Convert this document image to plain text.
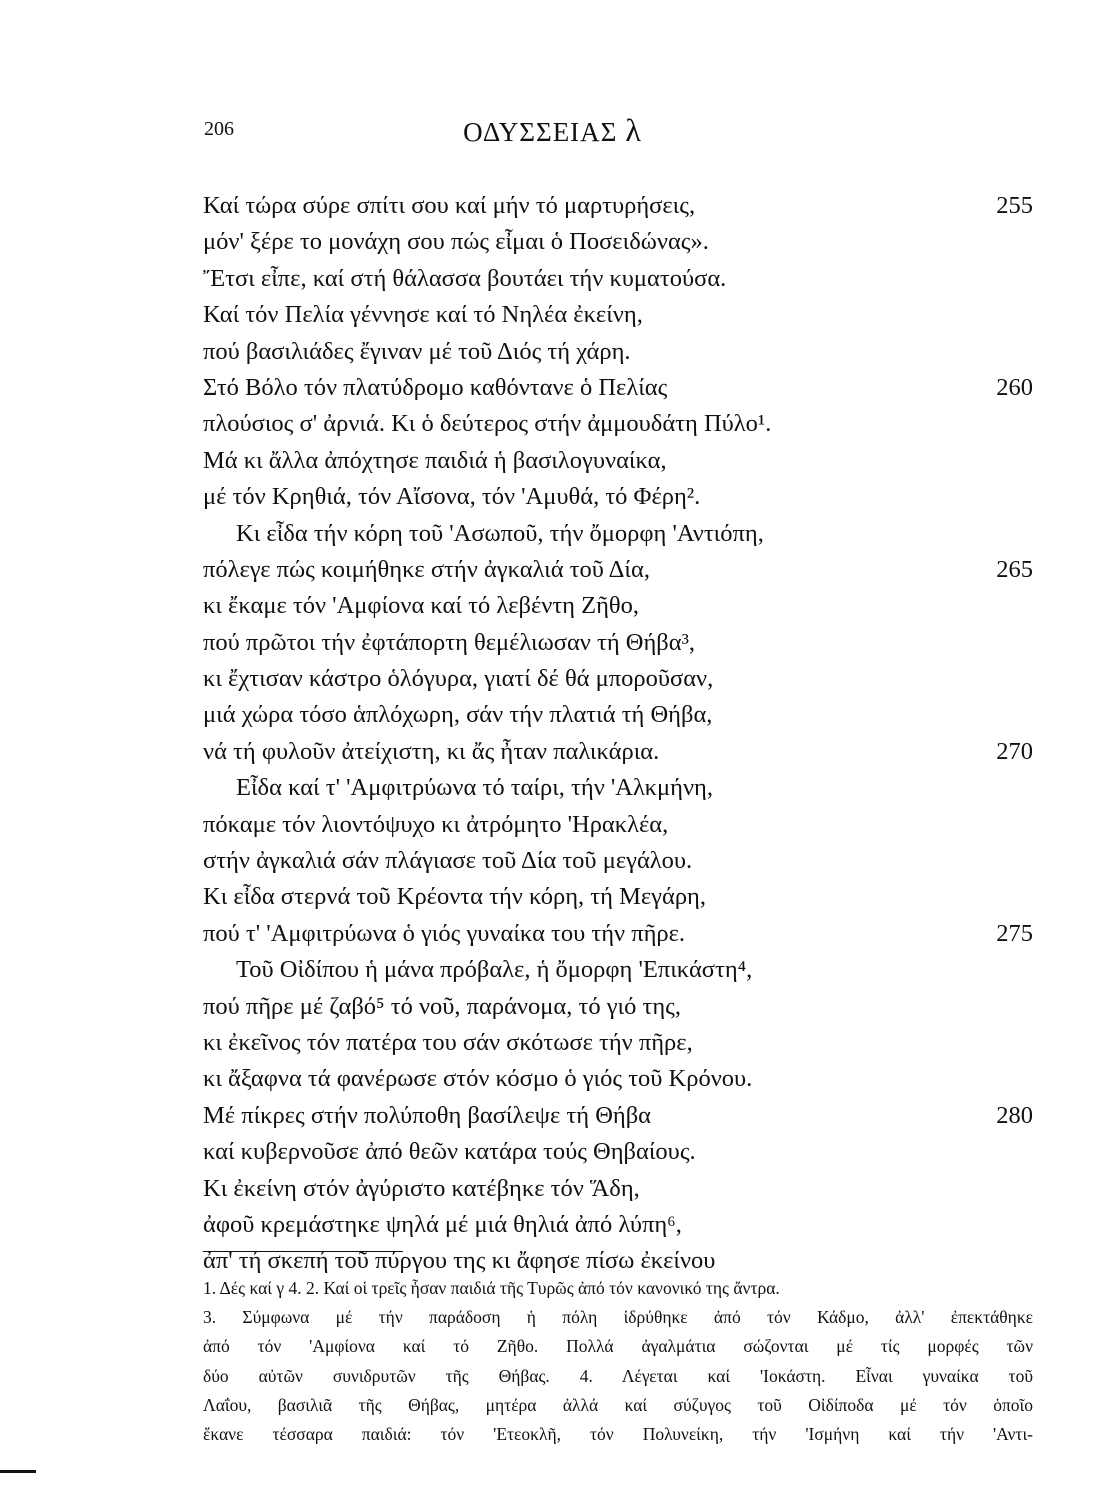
206	ΟΔΥΣΣΕΙΑΣ λ
Καί τώρα σύρε σπίτι σου καί μήν τό μαρτυρήσεις,	255
μόν' ξέρε το μονάχη σου πώς εἶμαι ὁ Ποσειδώνας».
Ἔτσι εἶπε, καί στή θάλασσα βουτάει τήν κυματούσα.
Καί τόν Πελία γέννησε καί τό Νηλέα ἐκείνη,
πού βασιλιάδες ἔγιναν μέ τοῦ Διός τή χάρη.
Στό Βόλο τόν πλατύδρομο καθόντανε ὁ Πελίας	260
πλούσιος σ' ἀρνιά. Κι ὁ δεύτερος στήν ἀμμουδάτη Πύλο¹.
Μά κι ἄλλα ἀπόχτησε παιδιά ἡ βασιλογυναίκα,
μέ τόν Κρηθιά, τόν Αἴσονα, τόν 'Αμυθά, τό Φέρη².
Κι εἶδα τήν κόρη τοῦ 'Ασωποῦ, τήν ὄμορφη 'Αντιόπη,
πόλεγε πώς κοιμήθηκε στήν ἀγκαλιά τοῦ Δία,	265
κι ἔκαμε τόν 'Αμφίονα καί τό λεβέντη Ζῆθο,
πού πρῶτοι τήν ἐφτάπορτη θεμέλιωσαν τή Θήβα³,
κι ἔχτισαν κάστρο ὁλόγυρα, γιατί δέ θά μποροῦσαν,
μιά χώρα τόσο ἁπλόχωρη, σάν τήν πλατιά τή Θήβα,
νά τή φυλοῦν ἀτείχιστη, κι ἄς ἦταν παλικάρια.	270
Εἶδα καί τ' 'Αμφιτρύωνα τό ταίρι, τήν 'Αλκμήνη,
πόκαμε τόν λιοντόψυχο κι ἀτρόμητο 'Ηρακλέα,
στήν ἀγκαλιά σάν πλάγιασε τοῦ Δία τοῦ μεγάλου.
Κι εἶδα στερνά τοῦ Κρέοντα τήν κόρη, τή Μεγάρη,
πού τ' 'Αμφιτρύωνα ὁ γιός γυναίκα του τήν πῆρε.	275
Τοῦ Οἰδίπου ἡ μάνα πρόβαλε, ἡ ὄμορφη 'Επικάστη⁴,
πού πῆρε μέ ζαβό⁵ τό νοῦ, παράνομα, τό γιό της,
κι ἐκεῖνος τόν πατέρα του σάν σκότωσε τήν πῆρε,
κι ἄξαφνα τά φανέρωσε στόν κόσμο ὁ γιός τοῦ Κρόνου.
Μέ πίκρες στήν πολύποθη βασίλεψε τή Θήβα	280
καί κυβερνοῦσε ἀπό θεῶν κατάρα τούς Θηβαίους.
Κι ἐκείνη στόν ἀγύριστο κατέβηκε τόν Ἅδη,
ἀφοῦ κρεμάστηκε ψηλά μέ μιά θηλιά ἀπό λύπη⁶,
ἀπ' τή σκεπή τοῦ πύργου της κι ἄφησε πίσω ἐκείνου
1. Δές καί γ 4. 2. Καί οἱ τρεῖς ἦσαν παιδιά τῆς Τυρῶς ἀπό τόν κανονικό της ἄντρα.
3. Σύμφωνα μέ τήν παράδοση ἡ πόλη ἱδρύθηκε ἀπό τόν Κάδμο, ἀλλ' ἐπεκτάθηκε
ἀπό τόν 'Αμφίονα καί τό Ζῆθο. Πολλά ἀγαλμάτια σώζονται μέ τίς μορφές τῶν
δύο αὐτῶν συνιδρυτῶν τῆς Θήβας. 4. Λέγεται καί 'Ιοκάστη. Εἶναι γυναίκα τοῦ
Λαΐου, βασιλιᾶ τῆς Θήβας, μητέρα ἀλλά καί σύζυγος τοῦ Οἰδίποδα μέ τόν ὁποῖο
ἔκανε τέσσαρα παιδιά: τόν 'Ετεοκλῆ, τόν Πολυνείκη, τήν 'Ισμήνη καί τήν 'Αντι-
